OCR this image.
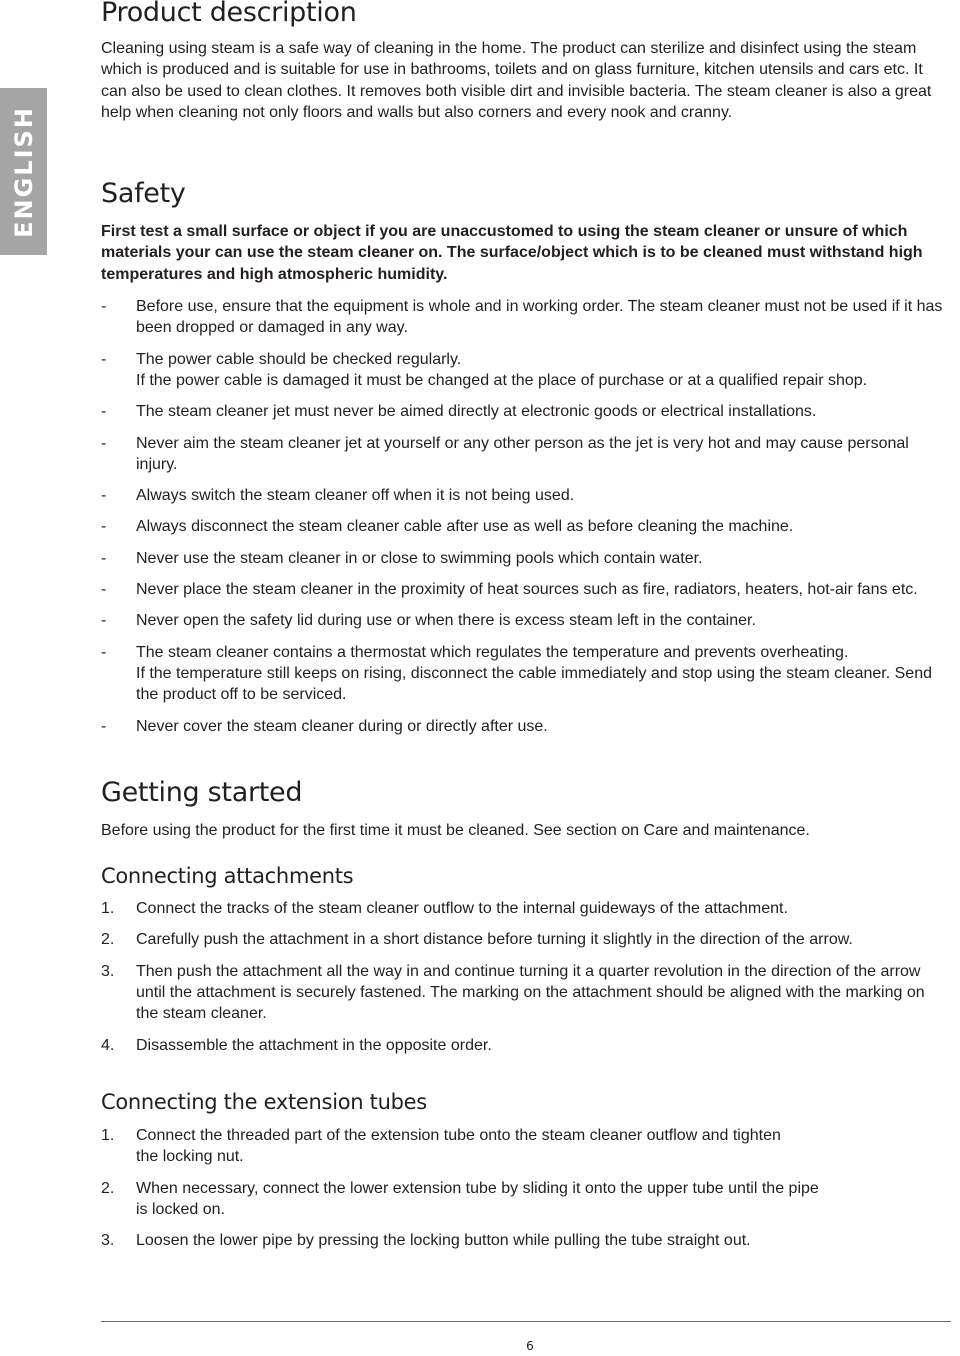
ENGLISH
Product description

Cleaning using steam is a safe way of cleaning in the home. The product can sterilize and disinfect using the steam which is produced and is suitable for use in bathrooms, toilets and on glass furniture, kitchen utensils and cars etc. It can also be used to clean clothes. It removes both visible dirt and invisible bacteria. The steam cleaner is also a great help when cleaning not only floors and walls but also corners and every nook and cranny.

Safety

First test a small surface or object if you are unaccustomed to using the steam cleaner or unsure of which materials your can use the steam cleaner on. The surface/object which is to be cleaned must withstand high temperatures and high atmospheric humidity.

- Before use, ensure that the equipment is whole and in working order. The steam cleaner must not be used if it has been dropped or damaged in any way.
- The power cable should be checked regularly.
If the power cable is damaged it must be changed at the place of purchase or at a qualified repair shop.
- The steam cleaner jet must never be aimed directly at electronic goods or electrical installations.
- Never aim the steam cleaner jet at yourself or any other person as the jet is very hot and may cause personal injury.
- Always switch the steam cleaner off when it is not being used.
- Always disconnect the steam cleaner cable after use as well as before cleaning the machine.
- Never use the steam cleaner in or close to swimming pools which contain water.
- Never place the steam cleaner in the proximity of heat sources such as fire, radiators, heaters, hot-air fans etc.
- Never open the safety lid during use or when there is excess steam left in the container.
- The steam cleaner contains a thermostat which regulates the temperature and prevents overheating.
If the temperature still keeps on rising, disconnect the cable immediately and stop using the steam cleaner. Send the product off to be serviced.
- Never cover the steam cleaner during or directly after use.
Getting started

Before using the product for the first time it must be cleaned. See section on Care and maintenance.

Connecting attachments
1. Connect the tracks of the steam cleaner outflow to the internal guideways of the attachment.
2. Carefully push the attachment in a short distance before turning it slightly in the direction of the arrow.
3. Then push the attachment all the way in and continue turning it a quarter revolution in the direction of the arrow until the attachment is securely fastened. The marking on the attachment should be aligned with the marking on the steam cleaner.
4. Disassemble the attachment in the opposite order.
Connecting the extension tubes
1. Connect the threaded part of the extension tube onto the steam cleaner outflow and tighten
the locking nut.
2. When necessary, connect the lower extension tube by sliding it onto the upper tube until the pipe
is locked on.
3. Loosen the lower pipe by pressing the locking button while pulling the tube straight out.
6
